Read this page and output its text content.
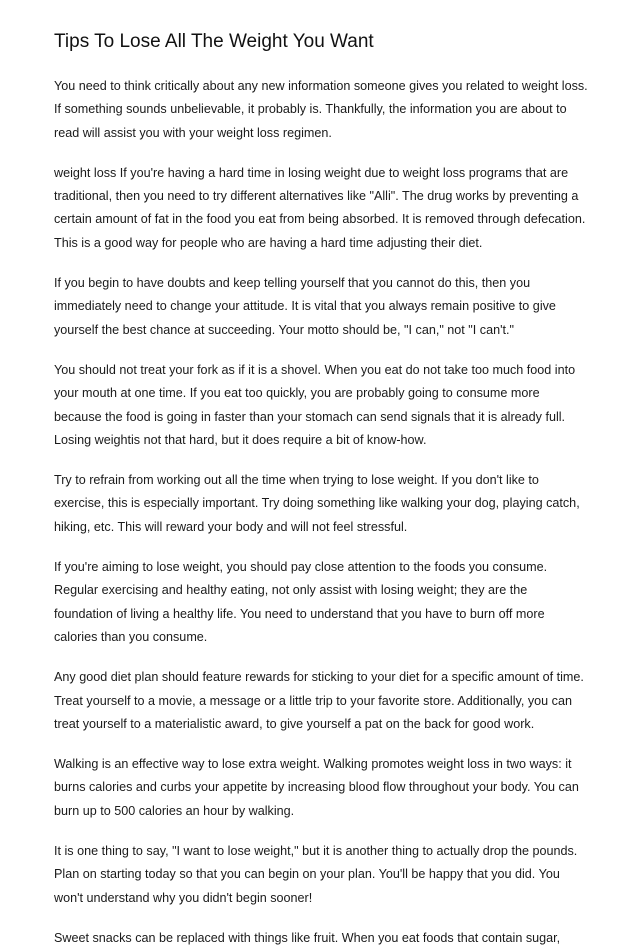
Tips To Lose All The Weight You Want

You need to think critically about any new information someone gives you related to weight loss. If something sounds unbelievable, it probably is. Thankfully, the information you are about to read will assist you with your weight loss regimen.

weight loss If you're having a hard time in losing weight due to weight loss programs that are traditional, then you need to try different alternatives like "Alli". The drug works by preventing a certain amount of fat in the food you eat from being absorbed. It is removed through defecation. This is a good way for people who are having a hard time adjusting their diet.

If you begin to have doubts and keep telling yourself that you cannot do this, then you immediately need to change your attitude. It is vital that you always remain positive to give yourself the best chance at succeeding. Your motto should be, "I can," not "I can't."

You should not treat your fork as if it is a shovel. When you eat do not take too much food into your mouth at one time. If you eat too quickly, you are probably going to consume more because the food is going in faster than your stomach can send signals that it is already full. Losing weightis not that hard, but it does require a bit of know-how.

Try to refrain from working out all the time when trying to lose weight. If you don't like to exercise, this is especially important. Try doing something like walking your dog, playing catch, hiking, etc. This will reward your body and will not feel stressful.

If you're aiming to lose weight, you should pay close attention to the foods you consume. Regular exercising and healthy eating, not only assist with losing weight; they are the foundation of living a healthy life. You need to understand that you have to burn off more calories than you consume.

Any good diet plan should feature rewards for sticking to your diet for a specific amount of time. Treat yourself to a movie, a message or a little trip to your favorite store. Additionally, you can treat yourself to a materialistic award, to give yourself a pat on the back for good work.

Walking is an effective way to lose extra weight. Walking promotes weight loss in two ways: it burns calories and curbs your appetite by increasing blood flow throughout your body. You can burn up to 500 calories an hour by walking.

It is one thing to say, "I want to lose weight," but it is another thing to actually drop the pounds. Plan on starting today so that you can begin on your plan. You'll be happy that you did. You won't understand why you didn't begin sooner!

Sweet snacks can be replaced with things like fruit. When you eat foods that contain sugar,
